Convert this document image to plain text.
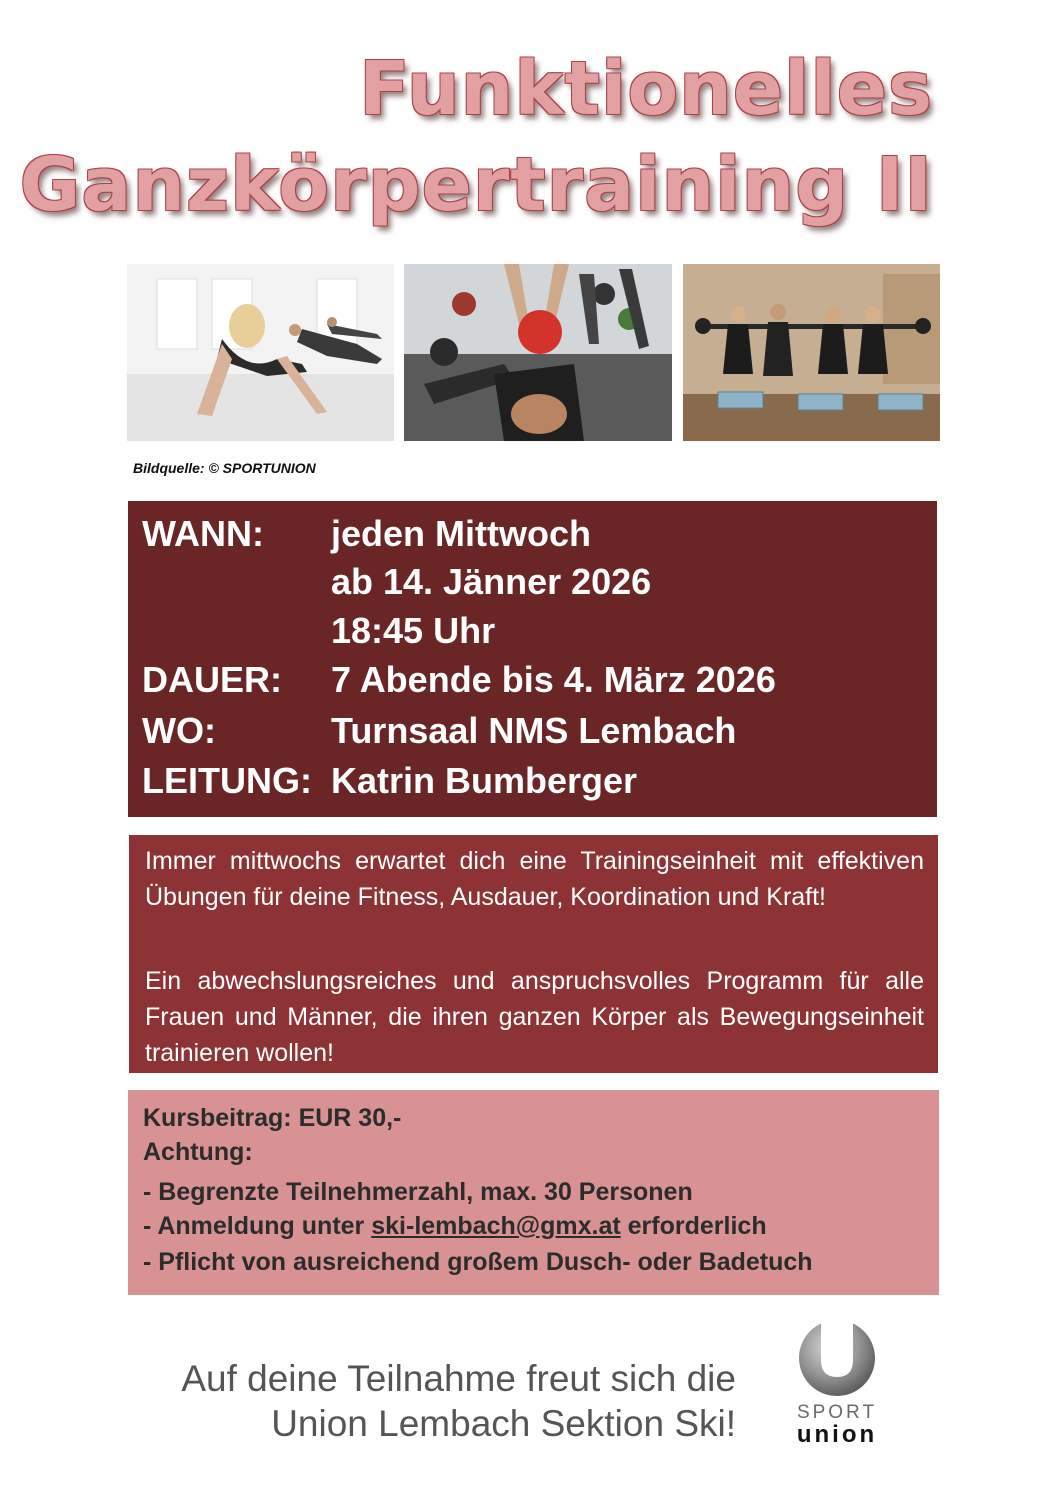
Funktionelles
Ganzkörpertraining II
Bildquelle: © SPORTUNION
WANN: jeden Mittwoch
ab 14. Jänner 2026
18:45 Uhr
DAUER: 7 Abende bis 4. März 2026
WO:	Turnsaal NMS Lembach
LEITUNG: Katrin Bumberger

Immer mittwochs erwartet dich eine Trainingseinheit mit effektiven Übungen für deine Fitness, Ausdauer, Koordination und Kraft!

Ein abwechslungsreiches und anspruchsvolles Programm für alle Frauen und Männer, die ihren ganzen Körper als Bewegungseinheit trainieren wollen!

Kursbeitrag: EUR 30,-
Achtung:
- Begrenzte Teilnehmerzahl, max. 30 Personen
- Anmeldung unter ski-lembach@gmx.at erforderlich
- Pflicht von ausreichend großem Dusch- oder Badetuch
Auf deine Teilnahme freut sich die
Union Lembach Sektion Ski!	SPORT
union
